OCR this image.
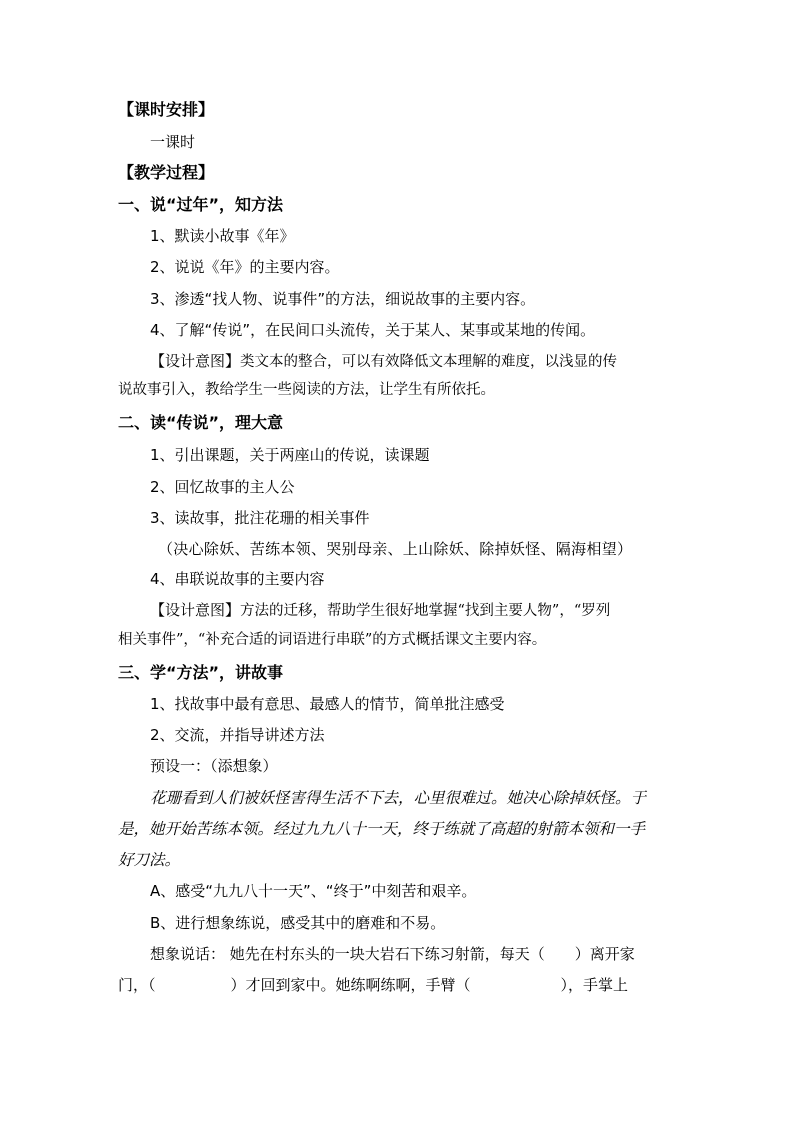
【课时安排】
一课时
【教学过程】
一、说“过年”，知方法
1、默读小故事《年》
2、说说《年》的主要内容。
3、渗透“找人物、说事件”的方法，细说故事的主要内容。
4、了解“传说”，在民间口头流传，关于某人、某事或某地的传闻。
【设计意图】类文本的整合，可以有效降低文本理解的难度，以浅显的传
说故事引入，教给学生一些阅读的方法，让学生有所依托。
二、读“传说”，理大意
1、引出课题，关于两座山的传说，读课题
2、回忆故事的主人公
3、读故事，批注花珊的相关事件
（决心除妖、苦练本领、哭别母亲、上山除妖、除掉妖怪、隔海相望）
4、串联说故事的主要内容
【设计意图】方法的迁移，帮助学生很好地掌握“找到主要人物”，“罗列
相关事件”，“补充合适的词语进行串联”的方式概括课文主要内容。
三、学“方法”，讲故事
1、找故事中最有意思、最感人的情节，简单批注感受
2、交流，并指导讲述方法
预设一：（添想象）
花珊看到人们被妖怪害得生活不下去，心里很难过。她决心除掉妖怪。于
是，她开始苦练本领。经过九九八十一天，终于练就了高超的射箭本领和一手
好刀法。
A、感受“九九八十一天”、“终于”中刻苦和艰辛。
B、进行想象练说，感受其中的磨难和不易。
想象说话： 她先在村东头的一块大岩石下练习射箭，每天（　　）离开家
门，（　　　　　）才回到家中。她练啊练啊，手臂（　　　　　　），手掌上
